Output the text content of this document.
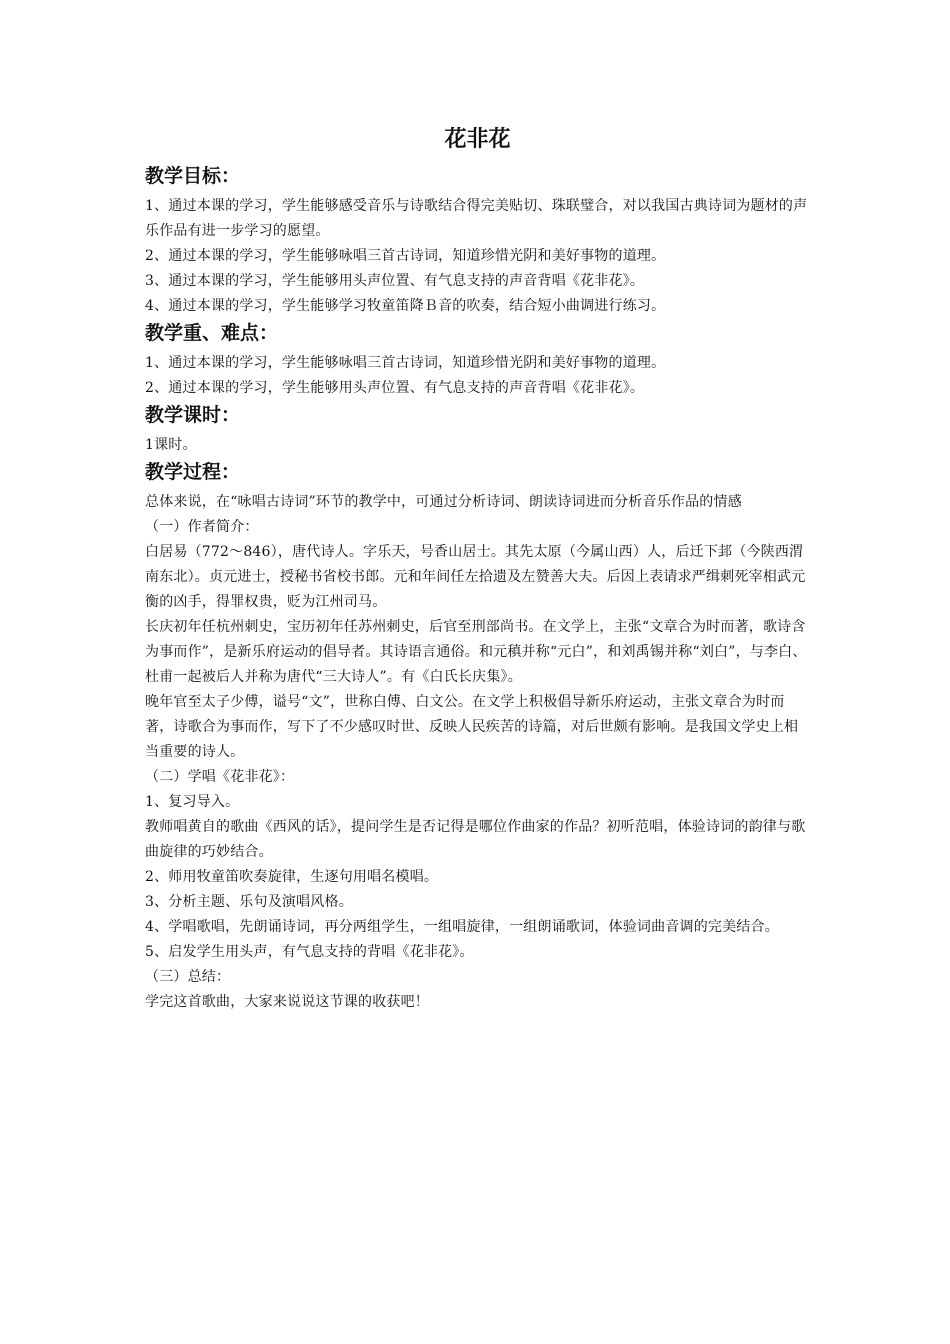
花非花
教学目标：

1、通过本课的学习，学生能够感受音乐与诗歌结合得完美贴切、珠联璧合，对以我国古典诗词为题材的声乐作品有进一步学习的愿望。

2、通过本课的学习，学生能够咏唱三首古诗词，知道珍惜光阴和美好事物的道理。

3、通过本课的学习，学生能够用头声位置、有气息支持的声音背唱《花非花》。

4、通过本课的学习，学生能够学习牧童笛降Ｂ音的吹奏，结合短小曲调进行练习。

教学重、难点：

1、通过本课的学习，学生能够咏唱三首古诗词，知道珍惜光阴和美好事物的道理。

2、通过本课的学习，学生能够用头声位置、有气息支持的声音背唱《花非花》。

教学课时：

1课时。

教学过程：

总体来说，在“咏唱古诗词”环节的教学中，可通过分析诗词、朗读诗词进而分析音乐作品的情感

（一）作者简介：

白居易（772～846），唐代诗人。字乐天，号香山居士。其先太原（今属山西）人，后迁下邽（今陕西渭南东北）。贞元进士，授秘书省校书郎。元和年间任左拾遗及左赞善大夫。后因上表请求严缉刺死宰相武元衡的凶手，得罪权贵，贬为江州司马。

长庆初年任杭州刺史，宝历初年任苏州刺史，后官至刑部尚书。在文学上，主张“文章合为时而著，歌诗含为事而作”，是新乐府运动的倡导者。其诗语言通俗。和元稹并称“元白”，和刘禹锡并称“刘白”，与李白、杜甫一起被后人并称为唐代“三大诗人”。有《白氏长庆集》。

晚年官至太子少傅，谥号“文”，世称白傅、白文公。在文学上积极倡导新乐府运动，主张文章合为时而著，诗歌合为事而作，写下了不少感叹时世、反映人民疾苦的诗篇，对后世颇有影响。是我国文学史上相当重要的诗人。

（二）学唱《花非花》：

1、复习导入。

教师唱黄自的歌曲《西风的话》，提问学生是否记得是哪位作曲家的作品？初听范唱，体验诗词的韵律与歌曲旋律的巧妙结合。

2、师用牧童笛吹奏旋律，生逐句用唱名模唱。

3、分析主题、乐句及演唱风格。

4、学唱歌唱，先朗诵诗词，再分两组学生，一组唱旋律，一组朗诵歌词，体验词曲音调的完美结合。

5、启发学生用头声，有气息支持的背唱《花非花》。

（三）总结：

学完这首歌曲，大家来说说这节课的收获吧！
